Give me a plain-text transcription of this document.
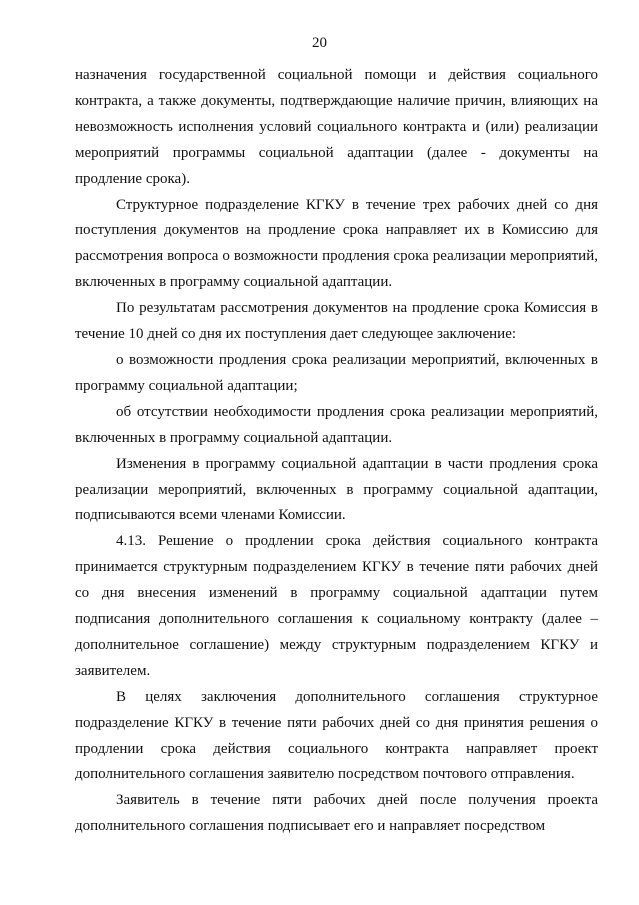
20

назначения государственной социальной помощи и действия социального контракта, а также документы, подтверждающие наличие причин, влияющих на невозможность исполнения условий социального контракта и (или) реализации мероприятий программы социальной адаптации (далее - документы на продление срока).

Структурное подразделение КГКУ в течение трех рабочих дней со дня поступления документов на продление срока направляет их в Комиссию для рассмотрения вопроса о возможности продления срока реализации мероприятий, включенных в программу социальной адаптации.

По результатам рассмотрения документов на продление срока Комиссия в течение 10 дней со дня их поступления дает следующее заключение:

о возможности продления срока реализации мероприятий, включенных в программу социальной адаптации;

об отсутствии необходимости продления срока реализации мероприятий, включенных в программу социальной адаптации.

Изменения в программу социальной адаптации в части продления срока реализации мероприятий, включенных в программу социальной адаптации, подписываются всеми членами Комиссии.

4.13. Решение о продлении срока действия социального контракта принимается структурным подразделением КГКУ в течение пяти рабочих дней со дня внесения изменений в программу социальной адаптации путем подписания дополнительного соглашения к социальному контракту (далее – дополнительное соглашение) между структурным подразделением КГКУ и заявителем.

В целях заключения дополнительного соглашения структурное подразделение КГКУ в течение пяти рабочих дней со дня принятия решения о продлении срока действия социального контракта направляет проект дополнительного соглашения заявителю посредством почтового отправления.

Заявитель в течение пяти рабочих дней после получения проекта дополнительного соглашения подписывает его и направляет посредством
